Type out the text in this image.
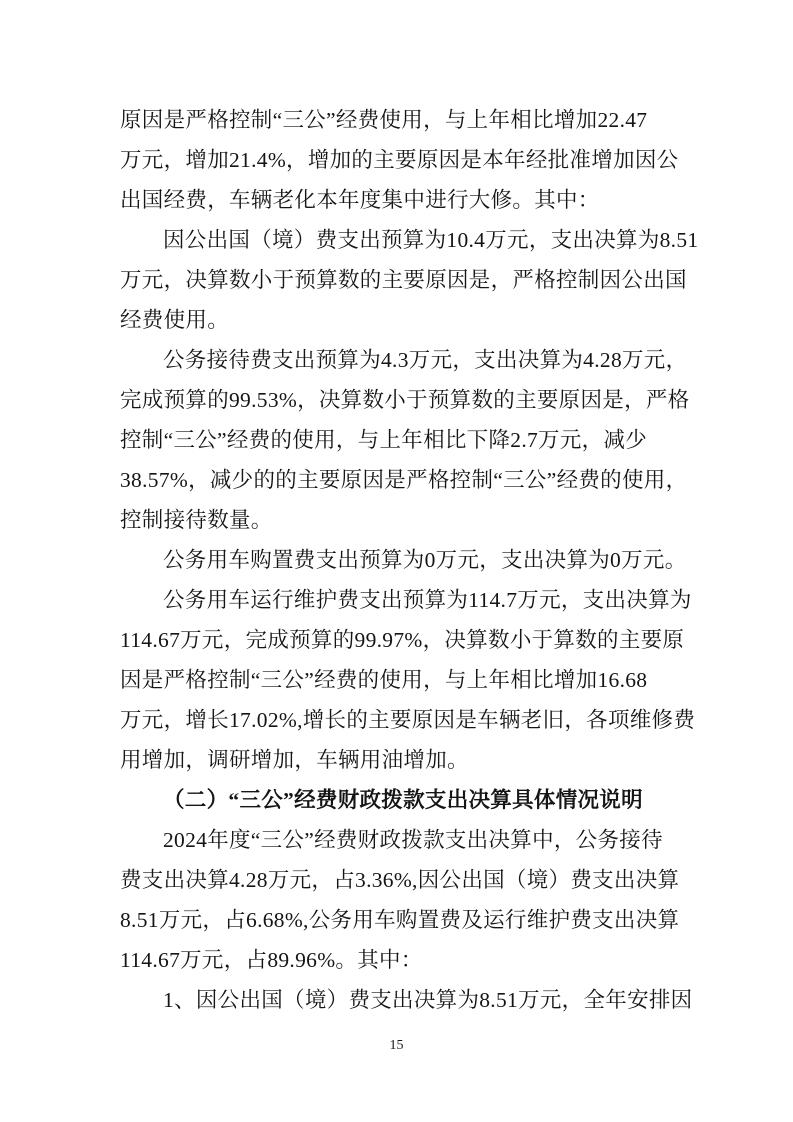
原因是严格控制“三公”经费使用，与上年相比增加22.47
万元，增加21.4%，增加的主要原因是本年经批准增加因公
出国经费，车辆老化本年度集中进行大修。其中：
因公出国（境）费支出预算为10.4万元，支出决算为8.51
万元，决算数小于预算数的主要原因是，严格控制因公出国
经费使用。
公务接待费支出预算为4.3万元，支出决算为4.28万元，
完成预算的99.53%，决算数小于预算数的主要原因是，严格
控制“三公”经费的使用，与上年相比下降2.7万元，减少
38.57%，减少的的主要原因是严格控制“三公”经费的使用，
控制接待数量。
公务用车购置费支出预算为0万元，支出决算为0万元。
公务用车运行维护费支出预算为114.7万元，支出决算为
114.67万元，完成预算的99.97%，决算数小于算数的主要原
因是严格控制“三公”经费的使用，与上年相比增加16.68
万元，增长17.02%,增长的主要原因是车辆老旧，各项维修费
用增加，调研增加，车辆用油增加。
（二）“三公”经费财政拨款支出决算具体情况说明
2024年度“三公”经费财政拨款支出决算中，公务接待
费支出决算4.28万元，占3.36%,因公出国（境）费支出决算
8.51万元，占6.68%,公务用车购置费及运行维护费支出决算
114.67万元，占89.96%。其中：
1、因公出国（境）费支出决算为8.51万元，全年安排因
15
